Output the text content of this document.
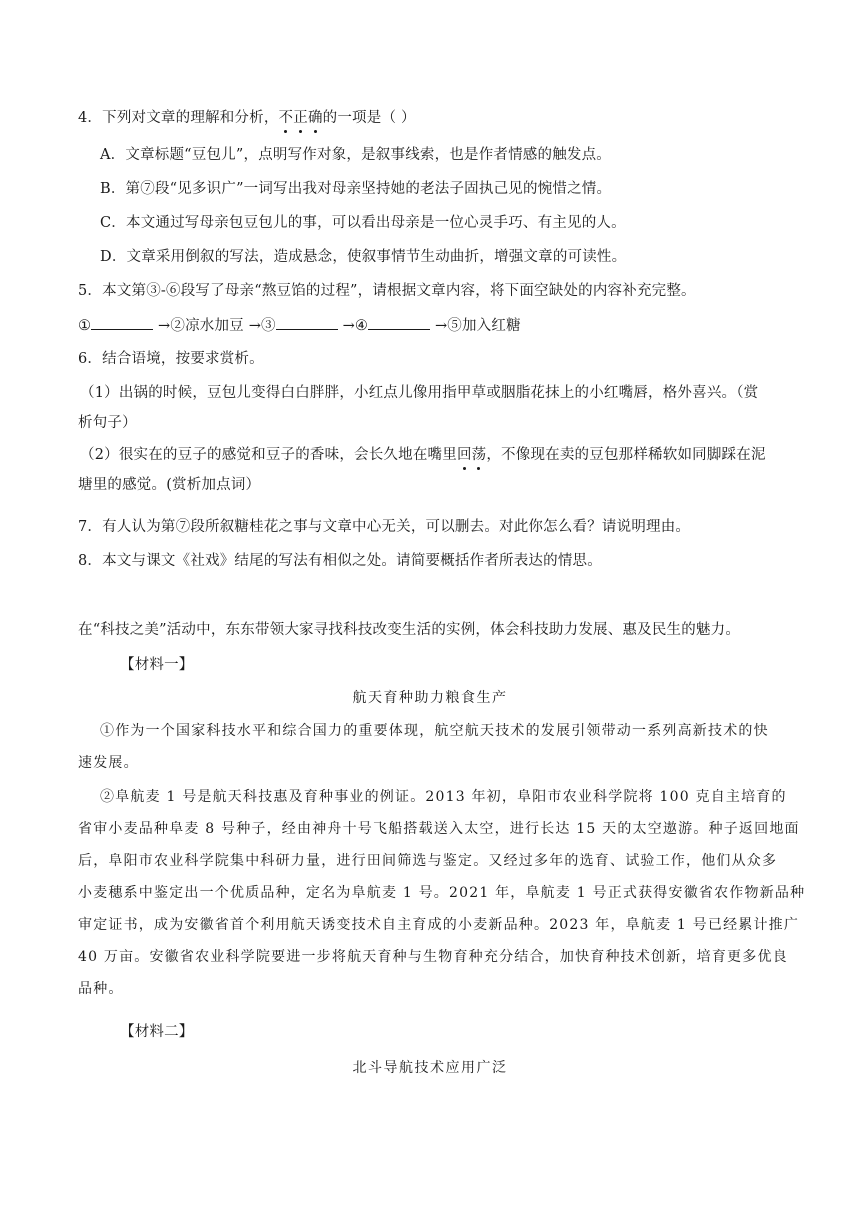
4．下列对文章的理解和分析，不正确的一项是（ ）
A．文章标题“豆包儿”，点明写作对象，是叙事线索，也是作者情感的触发点。
B．第⑦段“见多识广”一词写出我对母亲坚持她的老法子固执己见的惋惜之情。
C．本文通过写母亲包豆包儿的事，可以看出母亲是一位心灵手巧、有主见的人。
D．文章采用倒叙的写法，造成悬念，使叙事情节生动曲折，增强文章的可读性。
5．本文第③-⑥段写了母亲“熬豆馅的过程”，请根据文章内容，将下面空缺处的内容补充完整。
①	→②凉水加豆 →③	→④	→⑤加入红糖
6．结合语境，按要求赏析。
（1）出锅的时候，豆包儿变得白白胖胖，小红点儿像用指甲草或胭脂花抹上的小红嘴唇，格外喜兴。（赏
析句子）
（2）很实在的豆子的感觉和豆子的香味，会长久地在嘴里回荡，不像现在卖的豆包那样稀软如同脚踩在泥
塘里的感觉。(赏析加点词）
7．有人认为第⑦段所叙糖桂花之事与文章中心无关，可以删去。对此你怎么看？请说明理由。
8．本文与课文《社戏》结尾的写法有相似之处。请简要概括作者所表达的情思。
在“科技之美”活动中，东东带领大家寻找科技改变生活的实例，体会科技助力发展、惠及民生的魅力。
【材料一】
航天育种助力粮食生产
①作为一个国家科技水平和综合国力的重要体现，航空航天技术的发展引领带动一系列高新技术的快
速发展。
②阜航麦 1 号是航天科技惠及育种事业的例证。2013 年初，阜阳市农业科学院将 100 克自主培育的
省审小麦品种阜麦 8 号种子，经由神舟十号飞船搭载送入太空，进行长达 15 天的太空遨游。种子返回地面
后，阜阳市农业科学院集中科研力量，进行田间筛选与鉴定。又经过多年的选育、试验工作，他们从众多
小麦穗系中鉴定出一个优质品种，定名为阜航麦 1 号。2021 年，阜航麦 1 号正式获得安徽省农作物新品种
审定证书，成为安徽省首个利用航天诱变技术自主育成的小麦新品种。2023 年，阜航麦 1 号已经累计推广
40 万亩。安徽省农业科学院要进一步将航天育种与生物育种充分结合，加快育种技术创新，培育更多优良
品种。
【材料二】
北斗导航技术应用广泛
